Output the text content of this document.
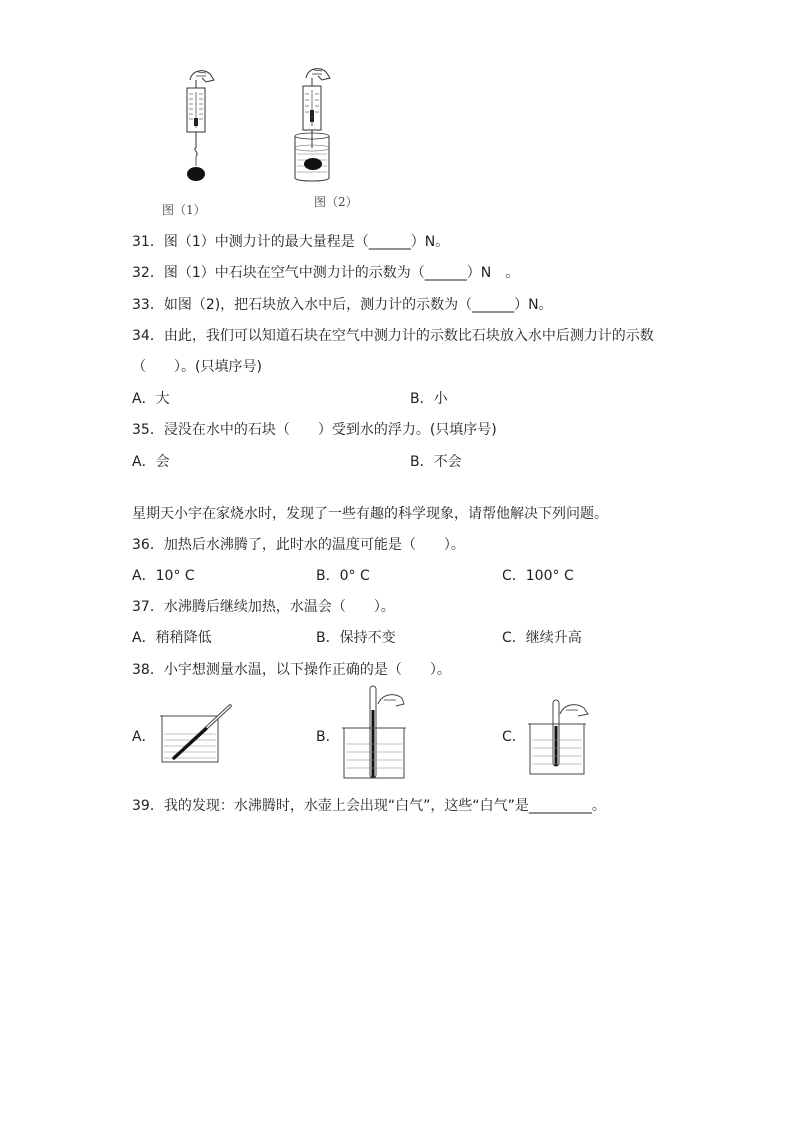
图（1）
图（2）
31．图（1）中测力计的最大量程是（______）N。
32．图（1）中石块在空气中测力计的示数为（______）N　。
33．如图（2)，把石块放入水中后，测力计的示数为（______）N。
34．由此，我们可以知道石块在空气中测力计的示数比石块放入水中后测力计的示数
（　　）。(只填序号)
A．大	B．小
35．浸没在水中的石块（　　）受到水的浮力。(只填序号)
A．会	B．不会
星期天小宇在家烧水时，发现了一些有趣的科学现象，请帮他解决下列问题。
36．加热后水沸腾了，此时水的温度可能是（　　）。
A．10° C	B．0° C	C．100° C
37．水沸腾后继续加热，水温会（　　）。
A．稍稍降低	B．保持不变	C．继续升高
38．小宇想测量水温，以下操作正确的是（　　）。
A．	B．	C．
39．我的发现：水沸腾时，水壶上会出现“白气”，这些“白气”是_________。
